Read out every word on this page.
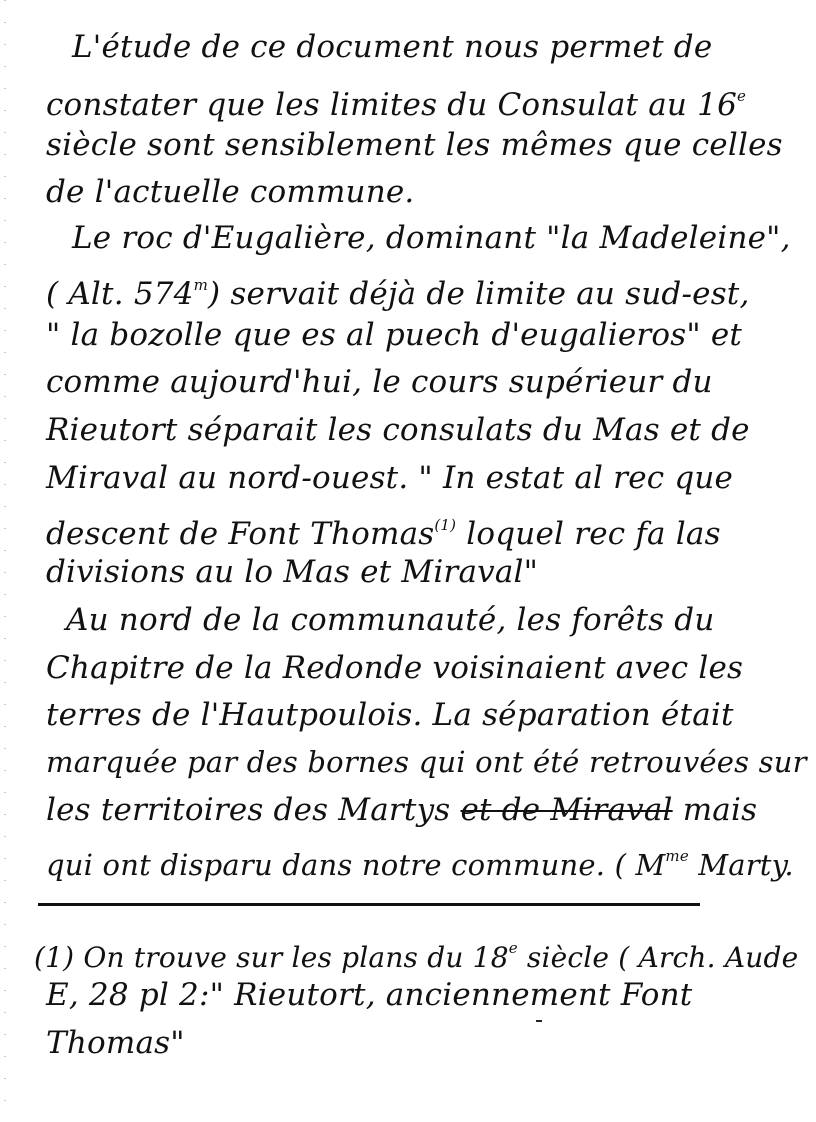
L'étude de ce document nous permet de
constater que les limites du Consulat au 16e
siècle sont sensiblement les mêmes que celles
de l'actuelle commune.
Le roc d'Eugalière, dominant "la Madeleine",
( Alt. 574$^m$) servait déjà de limite au sud-est,
" la bozolle que es al puech d'eugalieros" et
comme aujourd'hui, le cours supérieur du
Rieutort séparait les consulats du Mas et de
Miraval au nord-ouest. " In estat al rec que
descent de Font Thomas$^{(1)}$ loquel rec fa las
divisions au lo Mas et Miraval"
Au nord de la communauté, les forêts du
Chapitre de la Redonde voisinaient avec les
terres de l'Hautpoulois. La séparation était
marquée par des bornes qui ont été retrouvées sur
les territoires des Martys et de Miraval mais
qui ont disparu dans notre commune. ( $M^{me}$ Marty.
(1) On trouve sur les plans du 18e siècle ( Arch. Aude
E, 28 pl 2:" Rieutort, anciennement Font
Thomas"
